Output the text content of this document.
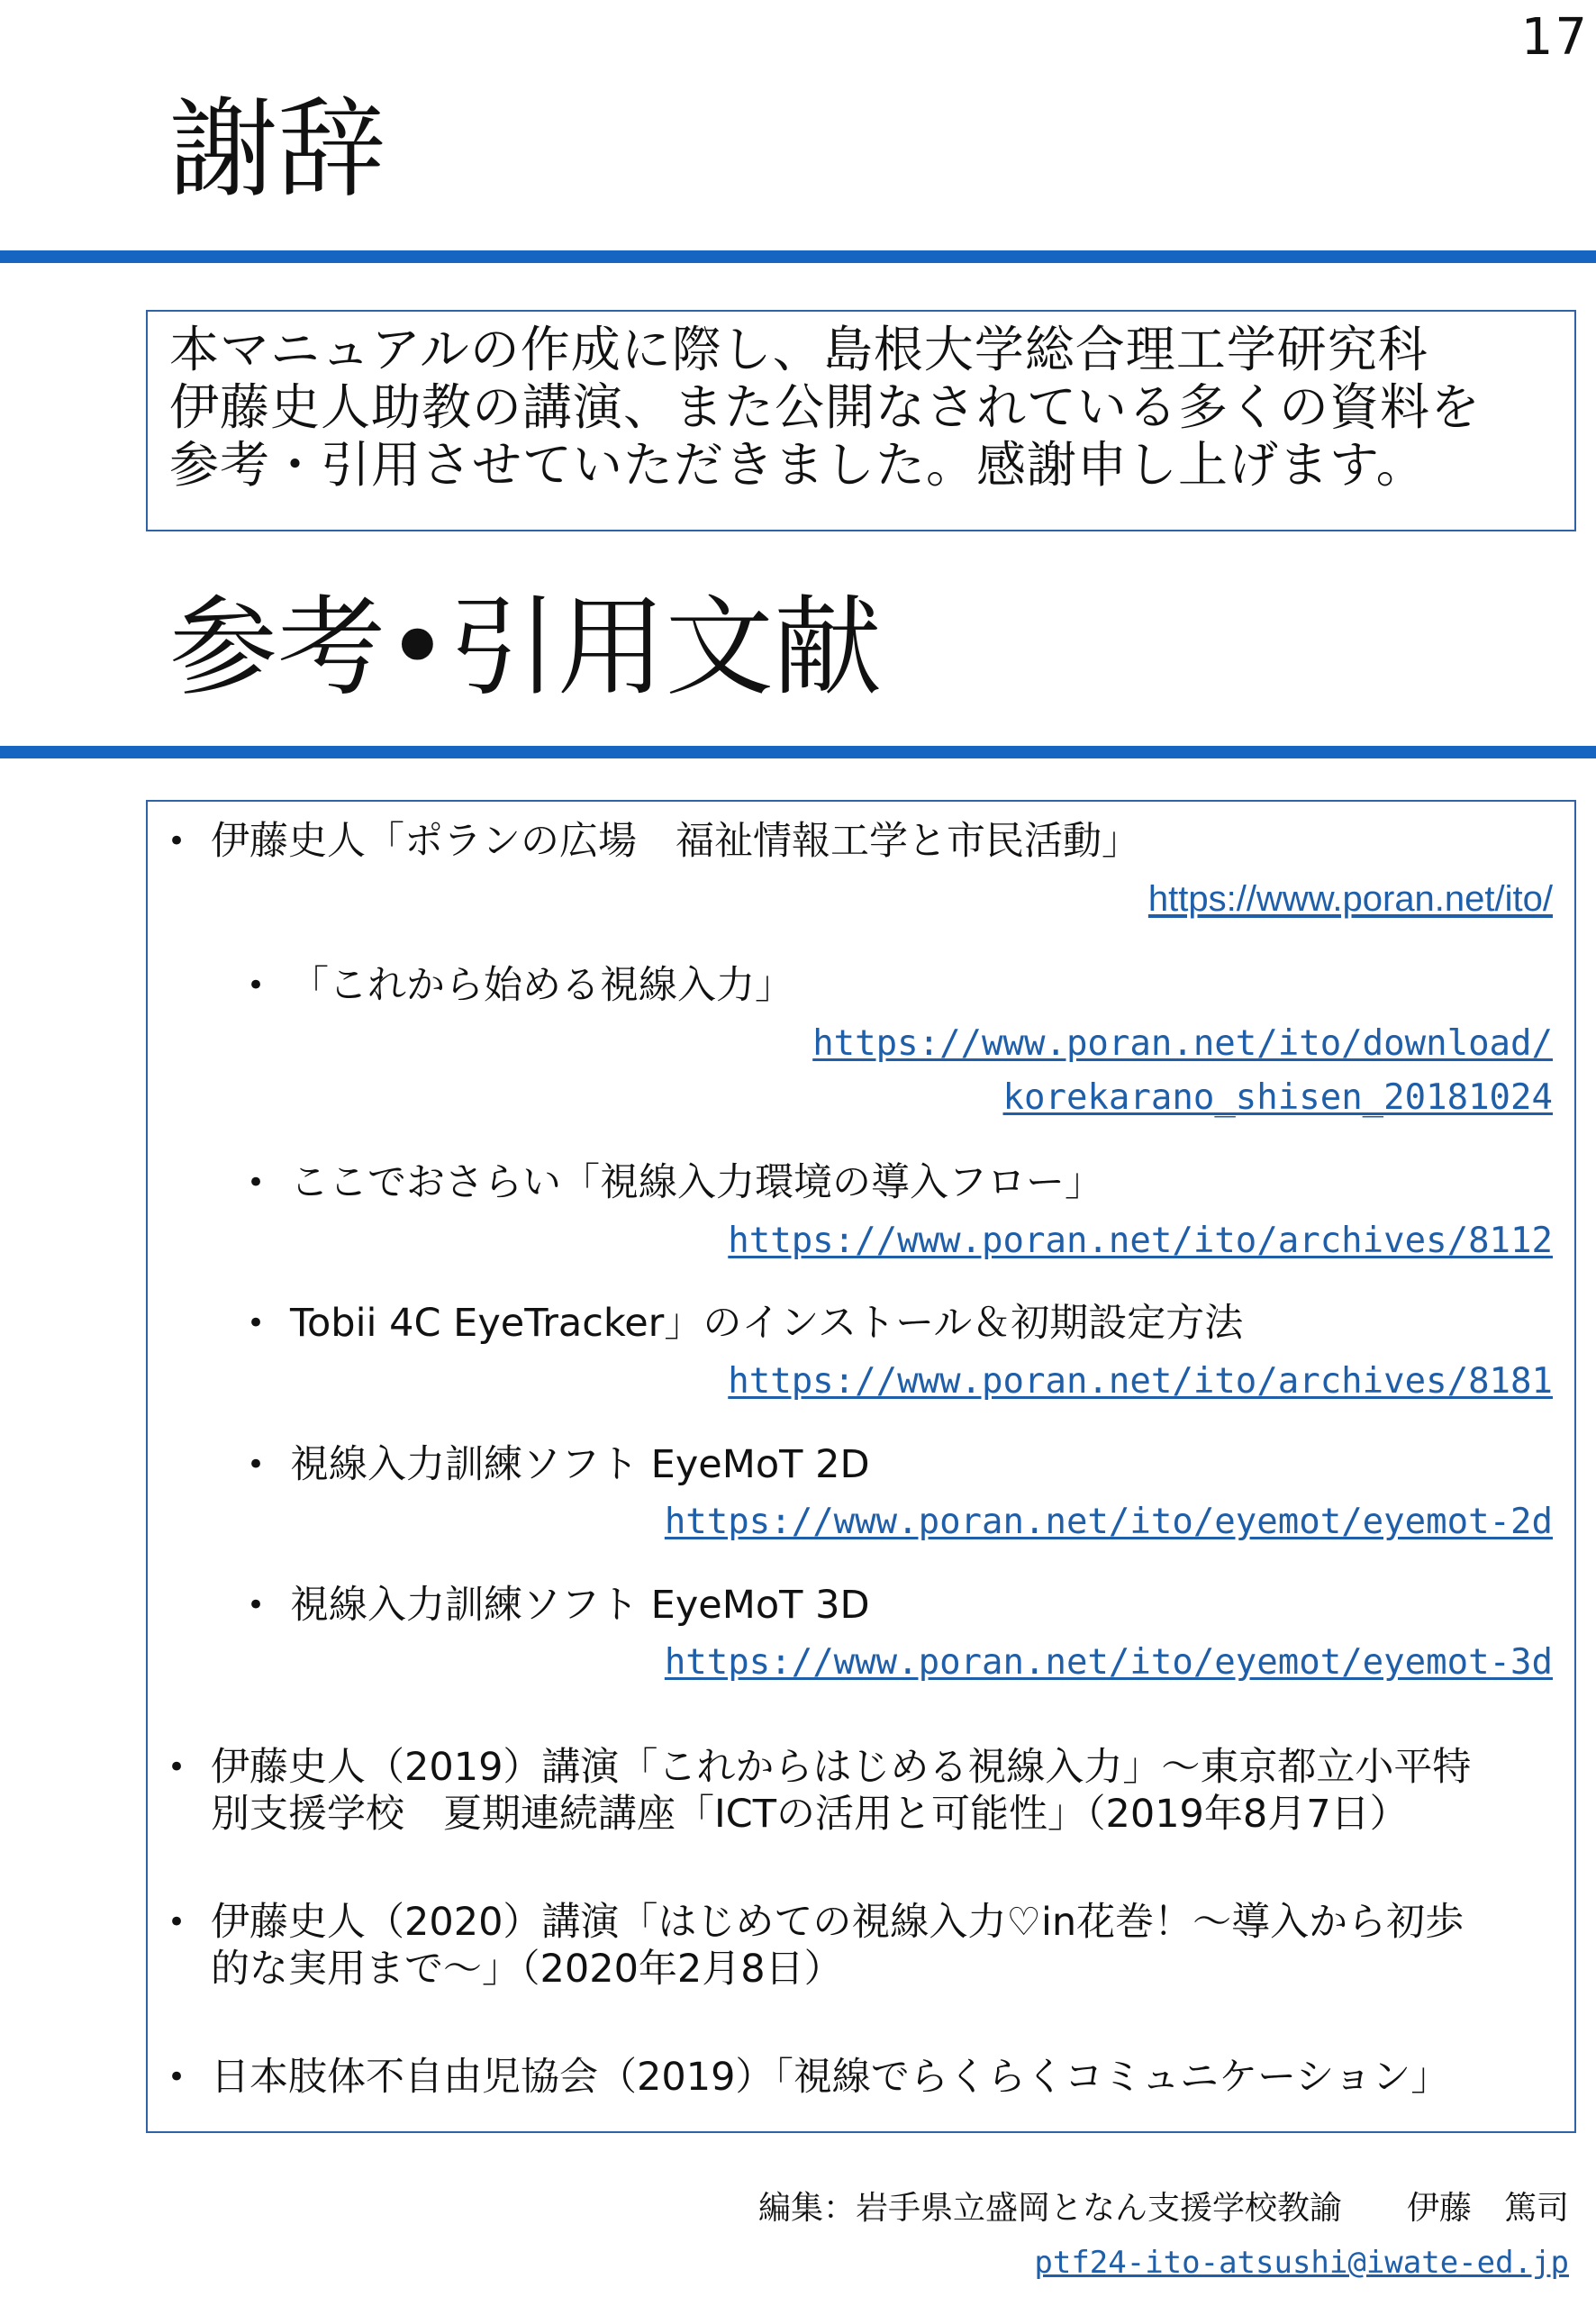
17
謝辞
本マニュアルの作成に際し、島根大学総合理工学研究科
伊藤史人助教の講演、また公開なされている多くの資料を
参考・引用させていただきました。感謝申し上げます。
参考•引用文献
• 伊藤史人「ポランの広場　福祉情報工学と市民活動」
https://www.poran.net/ito/
• 「これから始める視線入力」
https://www.poran.net/ito/download/
korekarano_shisen_20181024
• ここでおさらい「視線入力環境の導入フロー」
https://www.poran.net/ito/archives/8112
• Tobii 4C EyeTracker」のインストール＆初期設定方法
https://www.poran.net/ito/archives/8181
• 視線入力訓練ソフト EyeMoT 2D
https://www.poran.net/ito/eyemot/eyemot-2d
• 視線入力訓練ソフト EyeMoT 3D
https://www.poran.net/ito/eyemot/eyemot-3d
• 伊藤史人（2019）講演「これからはじめる視線入力」～東京都立小平特
別支援学校　夏期連続講座「ICTの活用と可能性」（2019年8月7日）
• 伊藤史人（2020）講演「はじめての視線入力♡in花巻！～導入から初歩
的な実用まで～」（2020年2月8日）
• 日本肢体不自由児協会（2019）「視線でらくらくコミュニケーション」
編集：岩手県立盛岡となん支援学校教諭　　伊藤　篤司
ptf24-ito-atsushi@iwate-ed.jp
